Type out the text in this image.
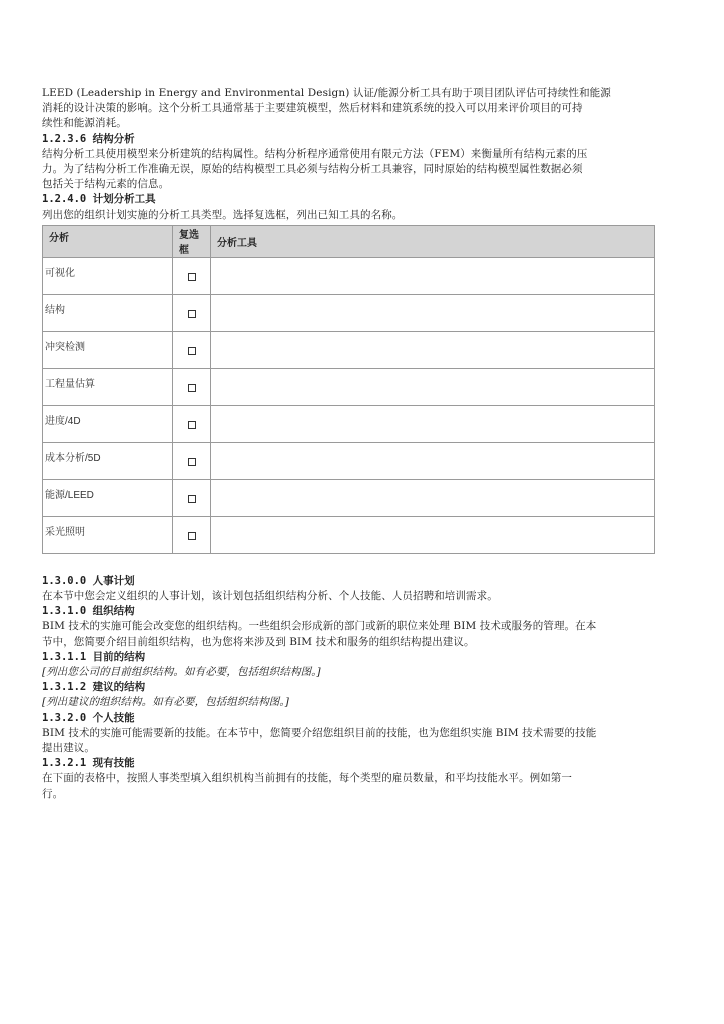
LEED (Leadership in Energy and Environmental Design) 认证/能源分析工具有助于项目团队评估可持续性和能源

消耗的设计决策的影响。这个分析工具通常基于主要建筑模型，然后材料和建筑系统的投入可以用来评价项目的可持

续性和能源消耗。

1.2.3.6 结构分析

结构分析工具使用模型来分析建筑的结构属性。结构分析程序通常使用有限元方法（FEM）来衡量所有结构元素的压

力。为了结构分析工作准确无误，原始的结构模型工具必须与结构分析工具兼容，同时原始的结构模型属性数据必须

包括关于结构元素的信息。

1.2.4.0 计划分析工具

列出您的组织计划实施的分析工具类型。选择复选框，列出已知工具的名称。

分析	复选框	分析工具
可视化		
结构		
冲突检测		
工程量估算		
进度/4D		
成本分析/5D		
能源/LEED		
采光照明		

1.3.0.0 人事计划

在本节中您会定义组织的人事计划，该计划包括组织结构分析、个人技能、人员招聘和培训需求。

1.3.1.0 组织结构

BIM 技术的实施可能会改变您的组织结构。一些组织会形成新的部门或新的职位来处理 BIM 技术或服务的管理。在本

节中，您简要介绍目前组织结构，也为您将来涉及到 BIM 技术和服务的组织结构提出建议。

1.3.1.1 目前的结构

[列出您公司的目前组织结构。如有必要，包括组织结构图。]

1.3.1.2 建议的结构

[列出建议的组织结构。如有必要，包括组织结构图。]

1.3.2.0 个人技能

BIM 技术的实施可能需要新的技能。在本节中，您简要介绍您组织目前的技能，也为您组织实施 BIM 技术需要的技能

提出建议。

1.3.2.1 现有技能

在下面的表格中，按照人事类型填入组织机构当前拥有的技能，每个类型的雇员数量，和平均技能水平。例如第一

行。
